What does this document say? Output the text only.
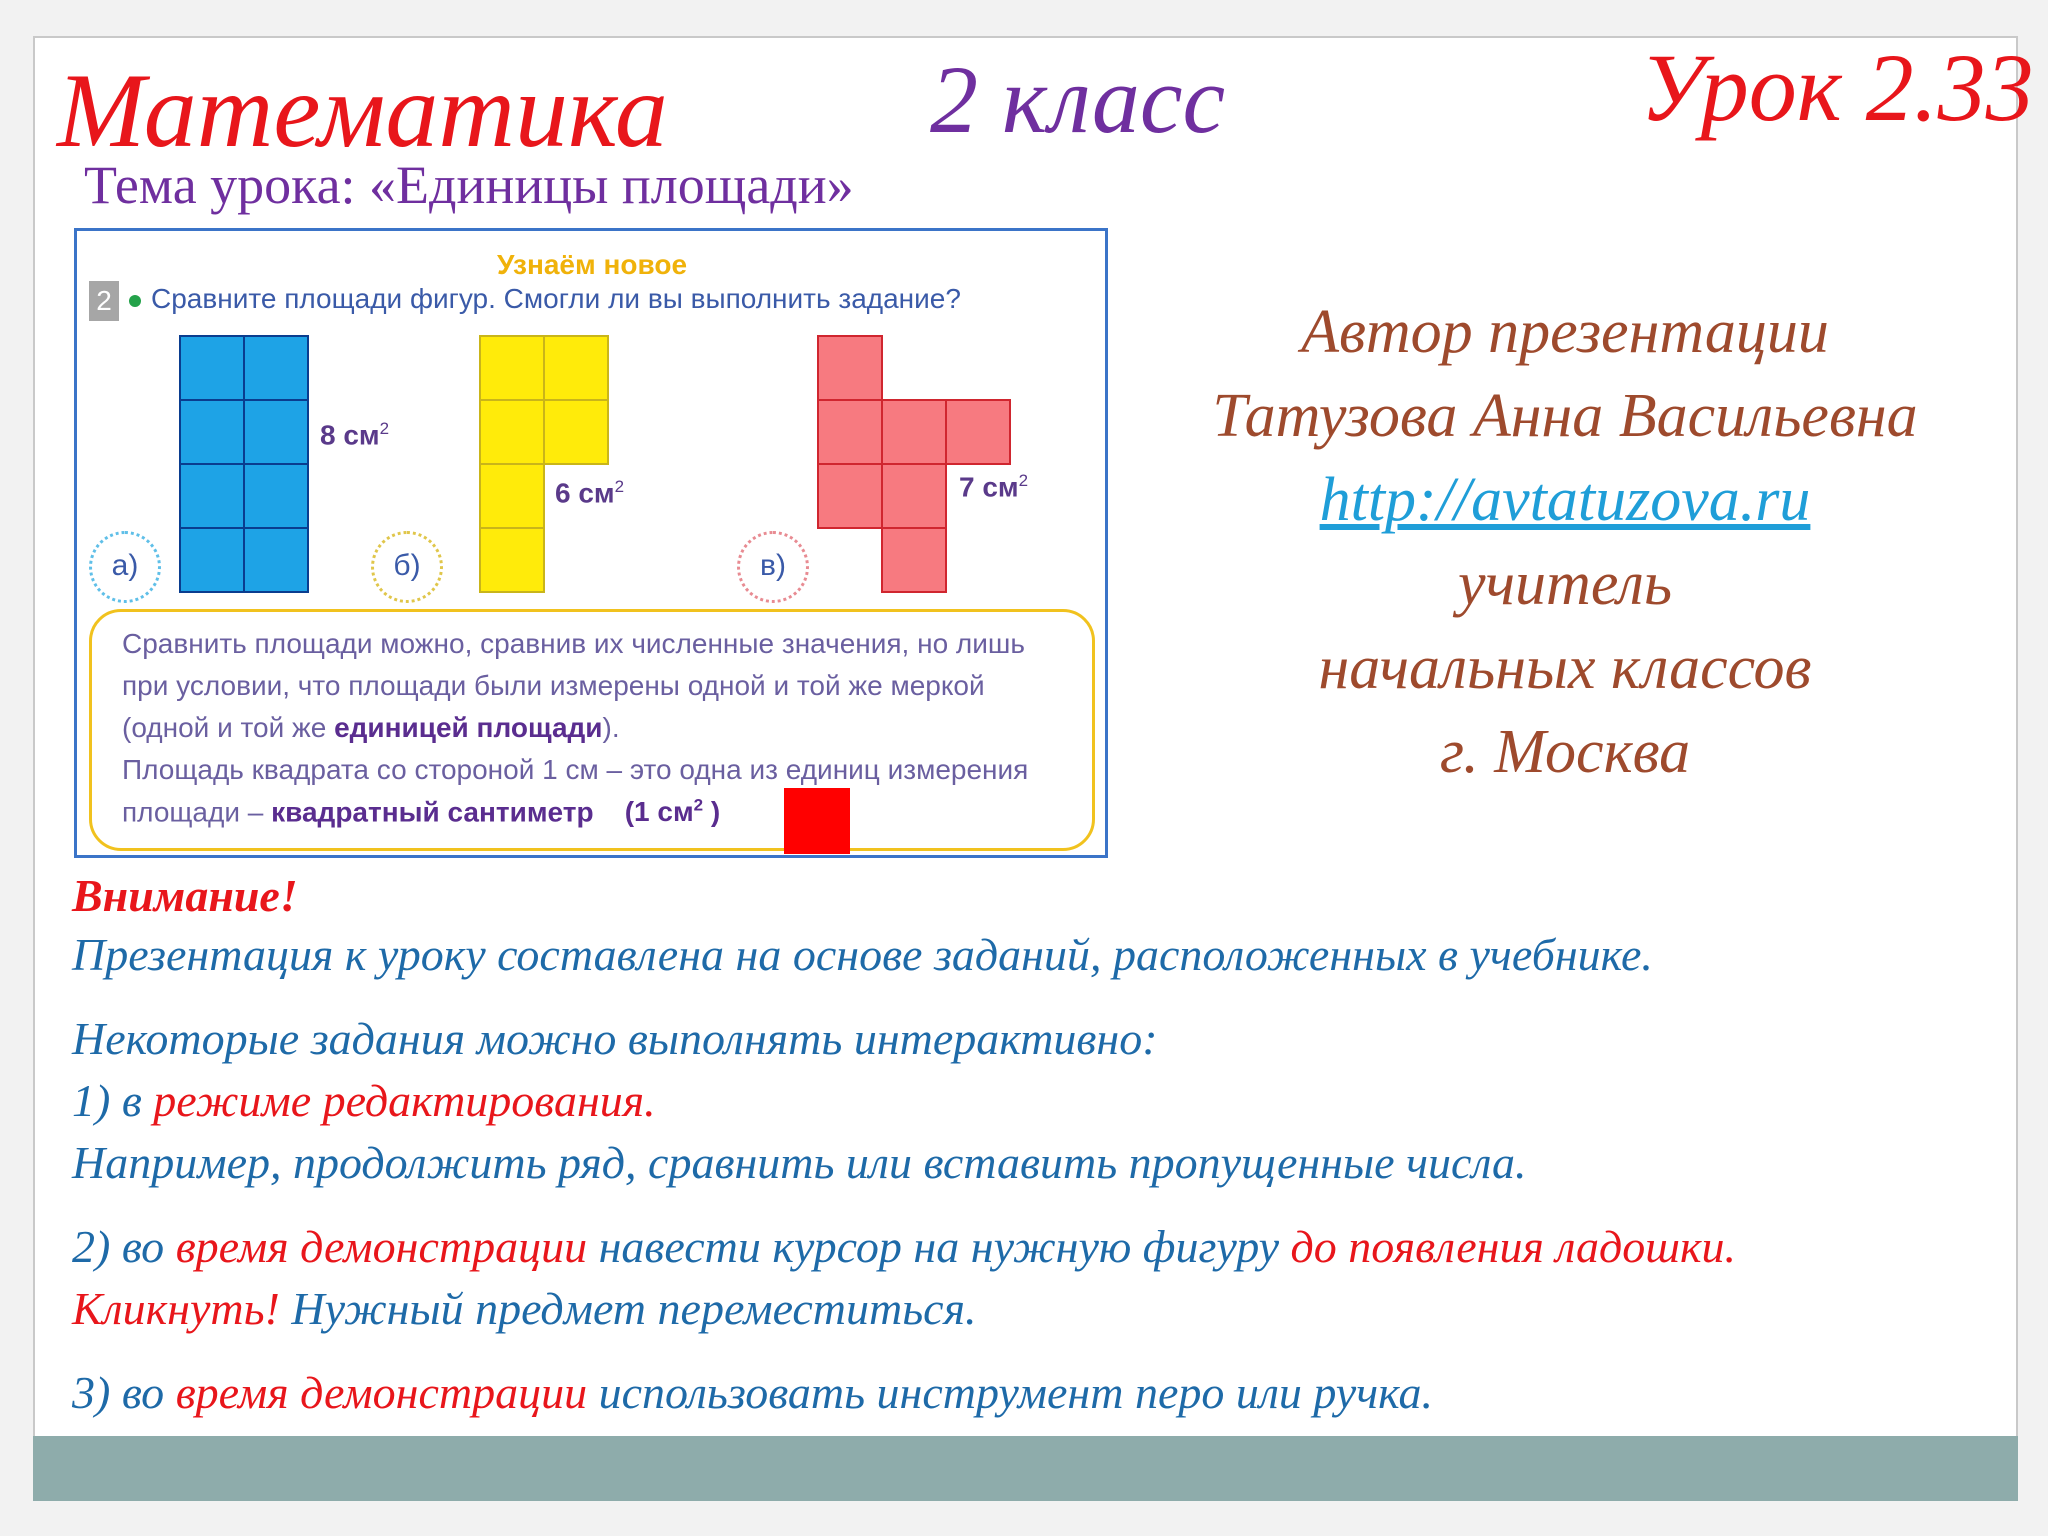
Математика	2 класс	Урок 2.33
Тема урока: «Единицы площади»
Узнаём новое
2 Сравните площади фигур. Смогли ли вы выполнить задание?
8 $см^2$
а)
6 $см^2$
б)
7 $см^2$
в)
Сравнить площади можно, сравнив их численные значения, но лишь
при условии, что площади были измерены одной и той же меркой
(одной и той же единицей площади).
Площадь квадрата со стороной 1 см – это одна из единиц измерения
площади – квадратный сантиметр (1 $см^2$ )
Автор презентации
Татузова Анна Васильевна
http://avtatuzova.ru
учитель
начальных классов
г. Москва
Внимание!
Презентация к уроку составлена на основе заданий, расположенных в учебнике.
Некоторые задания можно выполнять интерактивно:
1) в режиме редактирования.
Например, продолжить ряд, сравнить или вставить пропущенные числа.
2) во время демонстрации навести курсор на нужную фигуру до появления ладошки.
Кликнуть! Нужный предмет переместиться.
3) во время демонстрации использовать инструмент перо или ручка.
